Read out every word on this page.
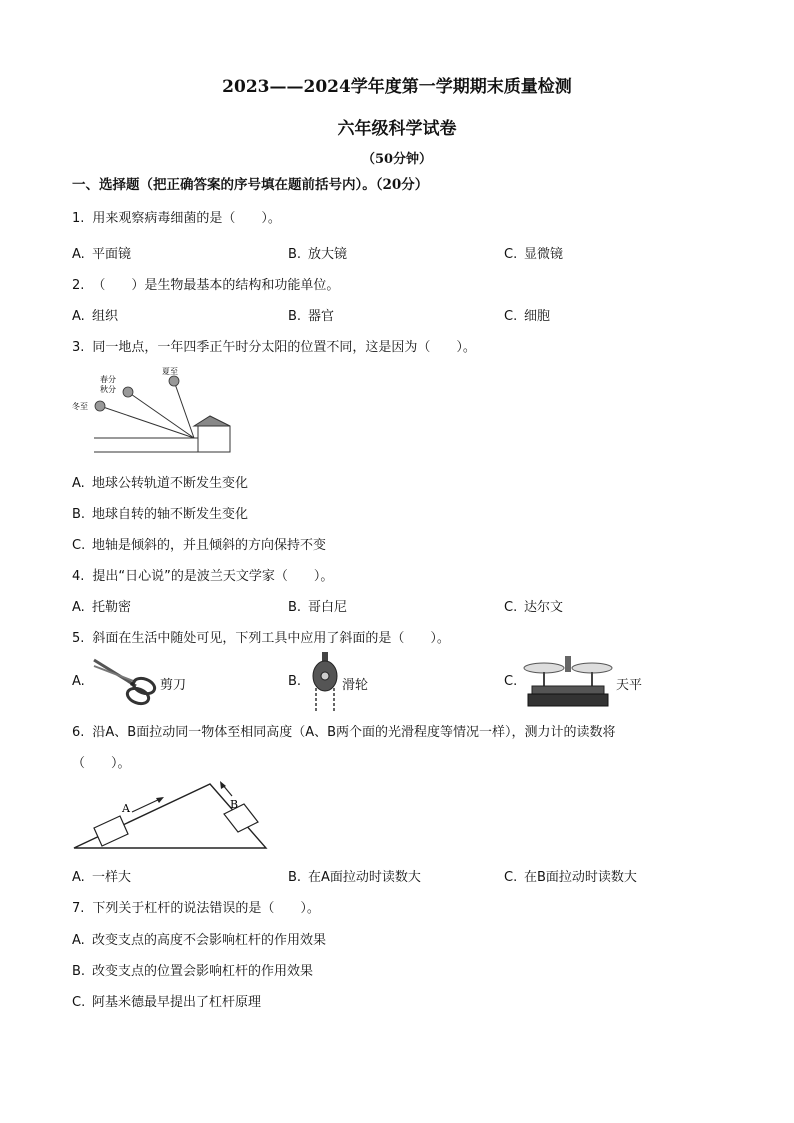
2023——2024学年度第一学期期末质量检测
六年级科学试卷
（50分钟）
一、选择题（把正确答案的序号填在题前括号内）。（20分）
1. 用来观察病毒细菌的是（　　）。
A. 平面镜	B. 放大镜	C. 显微镜
2. （　　）是生物最基本的结构和功能单位。
A. 组织	B. 器官	C. 细胞
3. 同一地点，一年四季正午时分太阳的位置不同，这是因为（　　）。
春分
秋分
夏至
冬至
A. 地球公转轨道不断发生变化
B. 地球自转的轴不断发生变化
C. 地轴是倾斜的，并且倾斜的方向保持不变
4. 提出“日心说”的是波兰天文学家（　　）。
A. 托勒密	B. 哥白尼	C. 达尔文
5. 斜面在生活中随处可见，下列工具中应用了斜面的是（　　）。
A.	剪刀	B.	滑轮	C.	天平
6. 沿A、B面拉动同一物体至相同高度（A、B两个面的光滑程度等情况一样），测力计的读数将
（　　）。
A	B
A. 一样大	B. 在A面拉动时读数大	C. 在B面拉动时读数大
7. 下列关于杠杆的说法错误的是（　　）。
A. 改变支点的高度不会影响杠杆的作用效果
B. 改变支点的位置会影响杠杆的作用效果
C. 阿基米德最早提出了杠杆原理
